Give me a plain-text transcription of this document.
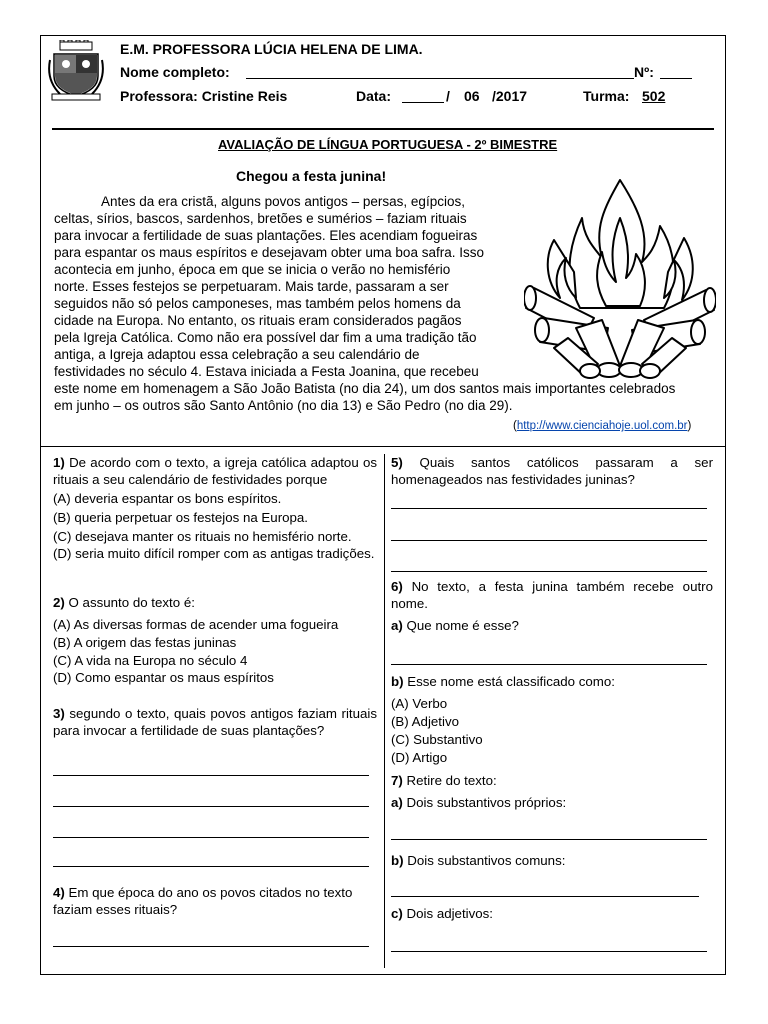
E.M. PROFESSORA LÚCIA HELENA DE LIMA.
Nome completo:	Nº:
Professora: Cristine Reis	Data:	/ 06 /2017	Turma: 502
AVALIAÇÃO DE LÍNGUA PORTUGUESA - 2º BIMESTRE
Chegou a festa junina!
Antes da era cristã, alguns povos antigos – persas, egípcios,
celtas, sírios, bascos, sardenhos, bretões e sumérios – faziam rituais
para invocar a fertilidade de suas plantações. Eles acendiam fogueiras
para espantar os maus espíritos e desejavam obter uma boa safra. Isso
acontecia em junho, época em que se inicia o verão no hemisfério
norte. Esses festejos se perpetuaram. Mais tarde, passaram a ser
seguidos não só pelos camponeses, mas também pelos homens da
cidade na Europa. No entanto, os rituais eram considerados pagãos
pela Igreja Católica. Como não era possível dar fim a uma tradição tão
antiga, a Igreja adaptou essa celebração a seu calendário de
festividades no século 4. Estava iniciada a Festa Joanina, que recebeu
este nome em homenagem a São João Batista (no dia 24), um dos santos mais importantes celebrados
em junho – os outros são Santo Antônio (no dia 13) e São Pedro (no dia 29).
(http://www.cienciahoje.uol.com.br)
1) De acordo com o texto, a igreja católica adaptou os rituais a seu calendário de festividades porque
(A) deveria espantar os bons espíritos.
(B) queria perpetuar os festejos na Europa.
(C) desejava manter os rituais no hemisfério norte.
(D) seria muito difícil romper com as antigas tradições.
2) O assunto do texto é:
(A) As diversas formas de acender uma fogueira
(B) A origem das festas juninas
(C) A vida na Europa no século 4
(D) Como espantar os maus espíritos
3) segundo o texto, quais povos antigos faziam rituais para invocar a fertilidade de suas plantações?
4) Em que época do ano os povos citados no texto faziam esses rituais?
5) Quais santos católicos passaram a ser homenageados nas festividades juninas?
6) No texto, a festa junina também recebe outro nome.
a) Que nome é esse?
b) Esse nome está classificado como:
(A) Verbo
(B) Adjetivo
(C) Substantivo
(D) Artigo
7) Retire do texto:
a) Dois substantivos próprios:
b) Dois substantivos comuns:
c) Dois adjetivos:
